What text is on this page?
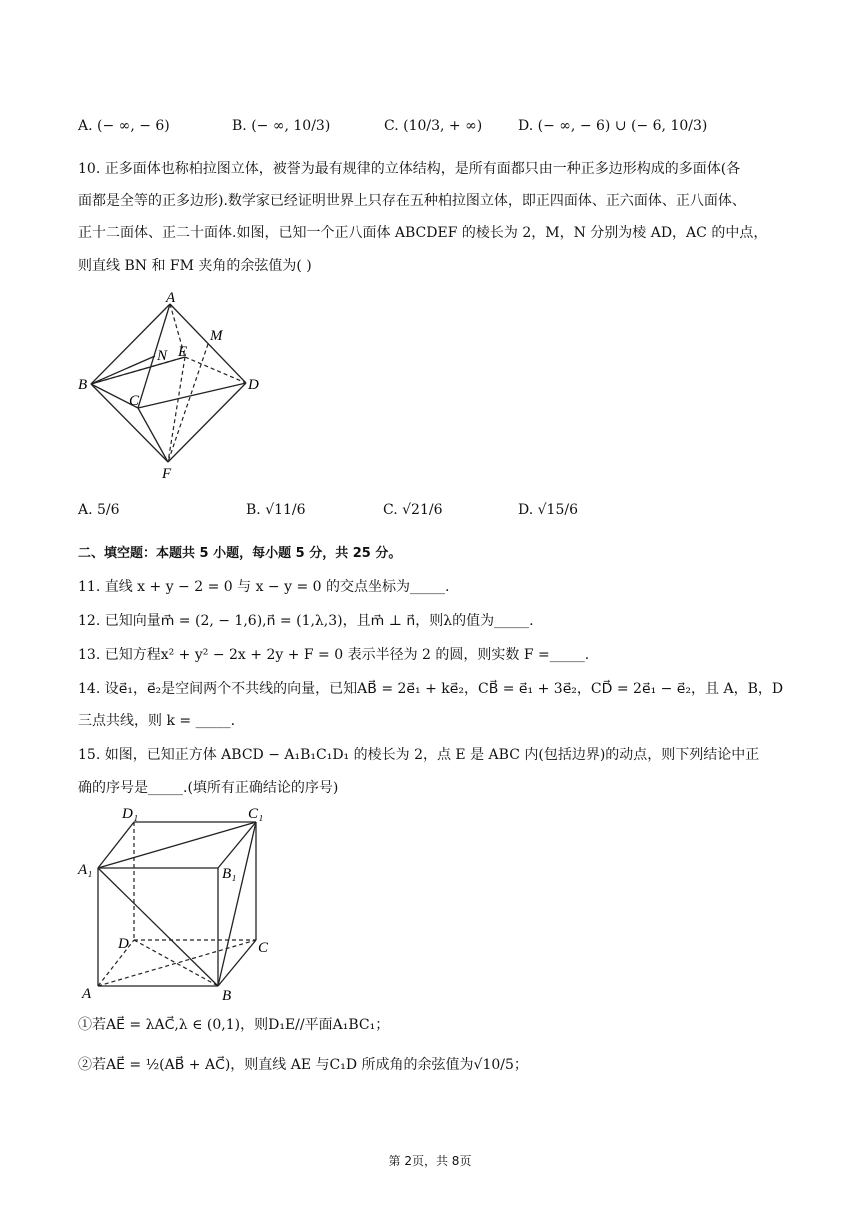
A. (− ∞, − 6)	B. (− ∞, 10/3)	C. (10/3, + ∞)	D. (− ∞, − 6) ∪ (− 6, 10/3)
10. 正多面体也称柏拉图立体，被誉为最有规律的立体结构，是所有面都只由一种正多边形构成的多面体(各
面都是全等的正多边形).数学家已经证明世界上只存在五种柏拉图立体，即正四面体、正六面体、正八面体、
正十二面体、正二十面体.如图，已知一个正八面体 ABCDEF 的棱长为 2，M，N 分别为棱 AD，AC 的中点，
则直线 BN 和 FM 夹角的余弦值为( )
A
M
N E
B	D
C
F
A. 5/6	B. √11/6	C. √21/6	D. √15/6
二、填空题：本题共 5 小题，每小题 5 分，共 25 分。
11. 直线 x + y − 2 = 0 与 x − y = 0 的交点坐标为_____.
12. 已知向量m⃗ = (2, − 1,6),n⃗ = (1,λ,3)，且m⃗ ⊥ n⃗，则λ的值为_____.
13. 已知方程x² + y² − 2x + 2y + F = 0 表示半径为 2 的圆，则实数 F =_____.
14. 设e⃗₁，e⃗₂是空间两个不共线的向量，已知AB⃗ = 2e⃗₁ + ke⃗₂，CB⃗ = e⃗₁ + 3e⃗₂，CD⃗ = 2e⃗₁ − e⃗₂，且 A，B，D
三点共线，则 k = _____.
15. 如图，已知正方体 ABCD − A₁B₁C₁D₁ 的棱长为 2，点 E 是 ABC 内(包括边界)的动点，则下列结论中正
确的序号是_____.(填所有正确结论的序号)
D₁	C₁
A₁	B₁
D	C
A	B
①若AE⃗ = λAC⃗,λ ∈ (0,1)，则D₁E//平面A₁BC₁；
②若AE⃗ = ½(AB⃗ + AC⃗)，则直线 AE 与C₁D 所成角的余弦值为√10/5；
第 2页，共 8页
